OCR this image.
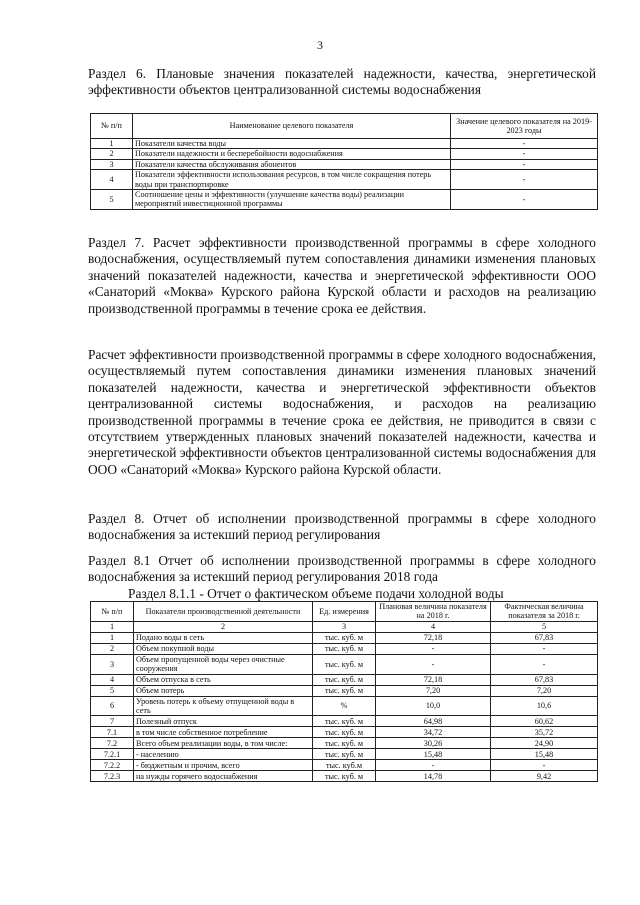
3

Раздел 6. Плановые значения показателей надежности, качества, энергетической эффективности объектов централизованной системы водоснабжения

№ п/п	Наименование целевого показателя	Значение целевого показателя на 2019-2023 годы
1	Показатели качества воды	-
2	Показатели надежности и бесперебойности водоснабжения	-
3	Показатели качества обслуживания абонентов	-
4	Показатели эффективности использования ресурсов, в том числе сокращения потерь воды при транспортировке	-
5	Соотношение цены и эффективности (улучшение качества воды) реализации мероприятий инвестиционной программы	-

Раздел 7. Расчет эффективности производственной программы в сфере холодного водоснабжения, осуществляемый путем сопоставления динамики изменения плановых значений показателей надежности, качества и энергетической эффективности ООО «Санаторий «Моква» Курского района Курской области и расходов на реализацию производственной программы в течение срока ее действия.

Расчет эффективности производственной программы в сфере холодного водоснабжения, осуществляемый путем сопоставления динамики изменения плановых значений показателей надежности, качества и энергетической эффективности объектов централизованной системы водоснабжения, и расходов на реализацию производственной программы в течение срока ее действия, не приводится в связи с отсутствием утвержденных плановых значений показателей надежности, качества и энергетической эффективности объектов централизованной системы водоснабжения для ООО «Санаторий «Моква» Курского района Курской области.

Раздел 8. Отчет об исполнении производственной программы в сфере холодного водоснабжения за истекший период регулирования

Раздел 8.1 Отчет об исполнении производственной программы в сфере холодного водоснабжения за истекший период регулирования 2018 года

Раздел 8.1.1 - Отчет о фактическом объеме подачи холодной воды
№ п/п	Показатели производственной деятельности	Ед. измерения	Плановая величина показателя на 2018 г.	Фактическая величина показателя за 2018 г.
1	2	3	4	5
1	Подано воды в сеть	тыс. куб. м	72,18	67,83
2	Объем покупной воды	тыс. куб. м	-	-
3	Объем пропущенной воды через очистные сооружения	тыс. куб. м	-	-
4	Объем отпуска в сеть	тыс. куб. м	72,18	67,83
5	Объем потерь	тыс. куб. м	7,20	7,20
6	Уровень потерь к объему отпущенной воды в сеть	%	10,0	10,6
7	Полезный отпуск	тыс. куб. м	64,98	60,62
7.1	в том числе собственное потребление	тыс. куб. м	34,72	35,72
7.2	Всего объем реализации воды, в том числе:	тыс. куб. м	30,26	24,90
7.2.1	- населению	тыс. куб. м	15,48	15,48
7.2.2	- бюджетным и прочим, всего	тыс. куб.м	-	-
7.2.3	на нужды горячего водоснабжения	тыс. куб. м	14,78	9,42
